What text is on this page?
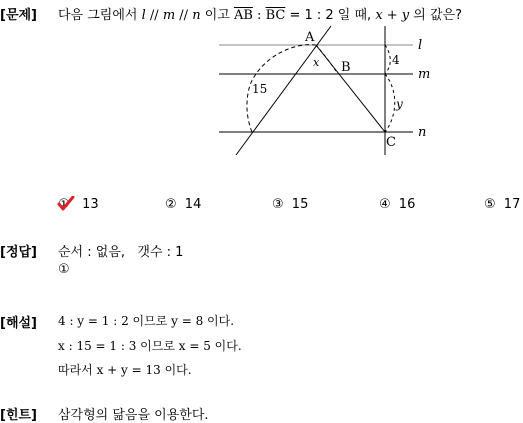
[문제] 다음 그림에서 l // m // n 이고 $\overline{AB}$ : $\overline{BC} = 1$ : 2 일 때, x + y 의 값은?
A
B
C
l
m
n
x
y
15
4
① 13	② 14	③ 15	④ 16	⑤ 17
[정답] 순서 : 없음,   갯수 : 1
①
[해설] 4 : y = 1 : 2 이므로 y = 8 이다.
x : 15 = 1 : 3 이므로 x = 5 이다.
따라서 x + y = 13 이다.
[힌트] 삼각형의 닮음을 이용한다.
